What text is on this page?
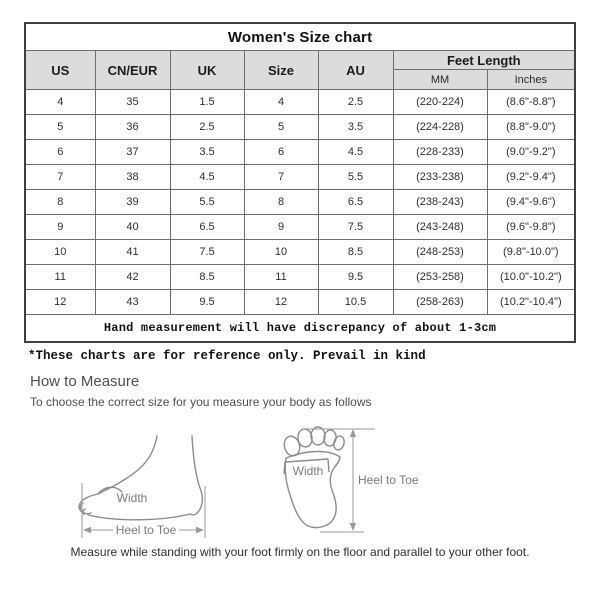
Women's Size chart						
US	CN/EUR	UK	Size	AU	Feet Length	
					MM	Inches
4	35	1.5	4	2.5	(220-224)	(8.6"-8.8")
5	36	2.5	5	3.5	(224-228)	(8.8"-9.0")
6	37	3.5	6	4.5	(228-233)	(9.0"-9.2")
7	38	4.5	7	5.5	(233-238)	(9.2"-9.4")
8	39	5.5	8	6.5	(238-243)	(9.4"-9.6")
9	40	6.5	9	7.5	(243-248)	(9.6"-9.8")
10	41	7.5	10	8.5	(248-253)	(9.8"-10.0")
11	42	8.5	11	9.5	(253-258)	(10.0"-10.2")
12	43	9.5	12	10.5	(258-263)	(10.2"-10.4")
Hand measurement will have discrepancy of about 1-3cm						
*These charts are for reference only. Prevail in kind
How to Measure
To choose the correct size for you measure your body as follows
Width
Heel to Toe
Width
Heel to Toe
Measure while standing with your foot firmly on the floor and parallel to your other foot.
